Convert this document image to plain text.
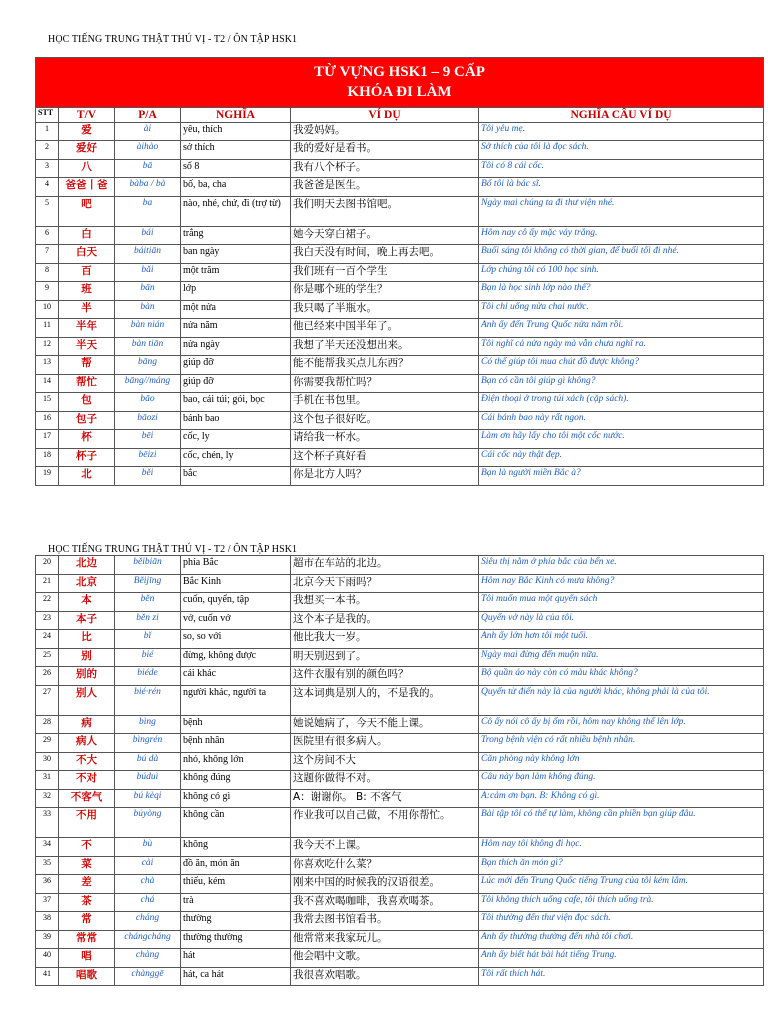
HỌC TIẾNG TRUNG THẬT THÚ VỊ - T2 / ÔN TẬP HSK1
TỪ VỰNG HSK1 – 9 CẤP
KHÓA ĐI LÀM					

STT	T/V	P/A	NGHĨA	VÍ DỤ	NGHĨA CÂU VÍ DỤ
1	爱	ài	yêu, thích	我爱妈妈。	Tôi yêu mẹ.
2	爱好	àihào	sở thích	我的爱好是看书。	Sở thích của tôi là đọc sách.
3	八	bā	số 8	我有八个杯子。	Tôi có 8 cái cốc.
4	爸爸丨爸	bàba / bà	bố, ba, cha	我爸爸是医生。	Bố tôi là bác sĩ.
5	吧	ba	nào, nhé, chứ, đi (trợ từ)	我们明天去图书馆吧。	Ngày mai chúng ta đi thư viện nhé.
6	白	bái	trắng	她今天穿白裙子。	Hôm nay cô ấy mặc váy trắng.
7	白天	báitiān	ban ngày	我白天没有时间，晚上再去吧。	Buổi sáng tôi không có thời gian, để buổi tối đi nhé.
8	百	bǎi	một trăm	我们班有一百个学生	Lớp chúng tôi có 100 học sinh.
9	班	bān	lớp	你是哪个班的学生？	Bạn là học sinh lớp nào thế?
10	半	bàn	một nửa	我只喝了半瓶水。	Tôi chỉ uống nửa chai nước.
11	半年	bàn nián	nửa năm	他已经来中国半年了。	Anh ấy đến Trung Quốc nửa năm rồi.
12	半天	bàn tiān	nửa ngày	我想了半天还没想出来。	Tôi nghĩ cả nửa ngày mà vẫn chưa nghĩ ra.
13	帮	bāng	giúp đỡ	能不能帮我买点儿东西？	Có thể giúp tôi mua chút đồ được không?
14	帮忙	bāng//máng	giúp đỡ	你需要我帮忙吗？	Bạn có cần tôi giúp gì không?
15	包	bāo	bao, cái túi; gói, bọc	手机在书包里。	Điện thoại ở trong túi xách (cặp sách).
16	包子	bāozi	bánh bao	这个包子很好吃。	Cái bánh bao này rất ngon.
17	杯	bēi	cốc, ly	请给我一杯水。	Làm ơn hãy lấy cho tôi một cốc nước.
18	杯子	bēizi	cốc, chén, ly	这个杯子真好看	Cái cốc này thật đẹp.
19	北	běi	bắc	你是北方人吗？	Bạn là người miền Bắc à?
HỌC TIẾNG TRUNG THẬT THÚ VỊ - T2 / ÔN TẬP HSK1
20	北边	běibiān	phía Bắc	超市在车站的北边。	Siêu thị nằm ở phía bắc của bến xe.
21	北京	Běijīng	Bắc Kinh	北京今天下雨吗？	Hôm nay Bắc Kinh có mưa không?
22	本	běn	cuốn, quyển, tập	我想买一本书。	Tôi muốn mua một quyển sách
23	本子	běn zi	vở, cuốn vở	这个本子是我的。	Quyển vở này là của tôi.
24	比	bǐ	so, so với	他比我大一岁。	Anh ấy lớn hơn tôi một tuổi.
25	别	bié	đừng, không được	明天别迟到了。	Ngày mai đừng đến muộn nữa.
26	别的	biéde	cái khác	这件衣服有别的颜色吗？	Bộ quần áo này còn có màu khác không?
27	别人	bié·rén	người khác, người ta	这本词典是别人的，不是我的。	Quyển từ điển này là của người khác, không phải là của tôi.
28	病	bìng	bệnh	她说她病了，今天不能上课。	Cô ấy nói cô ấy bị ốm rồi, hôm nay không thể lên lớp.
29	病人	bìngrén	bệnh nhân	医院里有很多病人。	Trong bệnh viện có rất nhiều bệnh nhân.
30	不大	bú dà	nhỏ, không lớn	这个房间不大	Căn phòng này không lớn
31	不对	búduì	không đúng	这题你做得不对。	Câu này bạn làm không đúng.
32	不客气	bú kèqi	không có gì	A：谢谢你。 B: 不客气	A:cảm ơn bạn. B: Không có gì.
33	不用	búyòng	không cần	作业我可以自己做，不用你帮忙。	Bài tập tôi có thể tự làm, không cần phiền bạn giúp đâu.
34	不	bù	không	我今天不上课。	Hôm nay tôi không đi học.
35	菜	cài	đồ ăn, món ăn	你喜欢吃什么菜？	Bạn thích ăn món gì?
36	差	chà	thiếu, kém	刚来中国的时候我的汉语很差。	Lúc mới đến Trung Quốc tiếng Trung của tôi kém lắm.
37	茶	chá	trà	我不喜欢喝咖啡，我喜欢喝茶。	Tôi không thích uống cafe, tôi thích uống trà.
38	常	cháng	thường	我常去图书馆看书。	Tôi thường đến thư viện đọc sách.
39	常常	chángcháng	thường thường	他常常来我家玩儿。	Anh ấy thường thường đến nhà tôi chơi.
40	唱	chàng	hát	他会唱中文歌。	Anh ấy biết hát bài hát tiếng Trung.
41	唱歌	chànggē	hát, ca hát	我很喜欢唱歌。	Tôi rất thích hát.
